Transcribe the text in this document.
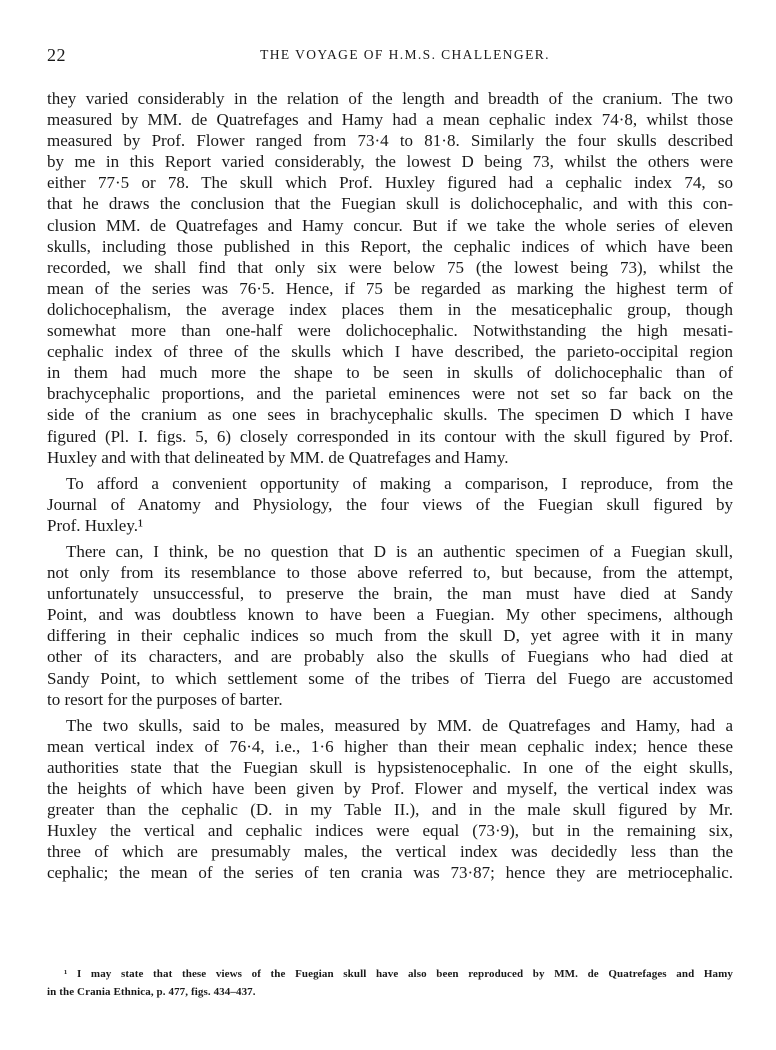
22	THE VOYAGE OF H.M.S. CHALLENGER.
they varied considerably in the relation of the length and breadth of the cranium. The two
measured by MM. de Quatrefages and Hamy had a mean cephalic index 74·8, whilst those
measured by Prof. Flower ranged from 73·4 to 81·8. Similarly the four skulls described
by me in this Report varied considerably, the lowest D being 73, whilst the others were
either 77·5 or 78. The skull which Prof. Huxley figured had a cephalic index 74, so
that he draws the conclusion that the Fuegian skull is dolichocephalic, and with this con-
clusion MM. de Quatrefages and Hamy concur. But if we take the whole series of eleven
skulls, including those published in this Report, the cephalic indices of which have been
recorded, we shall find that only six were below 75 (the lowest being 73), whilst the
mean of the series was 76·5. Hence, if 75 be regarded as marking the highest term of
dolichocephalism, the average index places them in the mesaticephalic group, though
somewhat more than one-half were dolichocephalic. Notwithstanding the high mesati-
cephalic index of three of the skulls which I have described, the parieto-occipital region
in them had much more the shape to be seen in skulls of dolichocephalic than of
brachycephalic proportions, and the parietal eminences were not set so far back on the
side of the cranium as one sees in brachycephalic skulls. The specimen D which I have
figured (Pl. I. figs. 5, 6) closely corresponded in its contour with the skull figured by Prof.
Huxley and with that delineated by MM. de Quatrefages and Hamy.
To afford a convenient opportunity of making a comparison, I reproduce, from the
Journal of Anatomy and Physiology, the four views of the Fuegian skull figured by
Prof. Huxley.¹
There can, I think, be no question that D is an authentic specimen of a Fuegian skull,
not only from its resemblance to those above referred to, but because, from the attempt,
unfortunately unsuccessful, to preserve the brain, the man must have died at Sandy
Point, and was doubtless known to have been a Fuegian. My other specimens, although
differing in their cephalic indices so much from the skull D, yet agree with it in many
other of its characters, and are probably also the skulls of Fuegians who had died at
Sandy Point, to which settlement some of the tribes of Tierra del Fuego are accustomed
to resort for the purposes of barter.
The two skulls, said to be males, measured by MM. de Quatrefages and Hamy, had a
mean vertical index of 76·4, i.e., 1·6 higher than their mean cephalic index; hence these
authorities state that the Fuegian skull is hypsistenocephalic. In one of the eight skulls,
the heights of which have been given by Prof. Flower and myself, the vertical index was
greater than the cephalic (D. in my Table II.), and in the male skull figured by Mr.
Huxley the vertical and cephalic indices were equal (73·9), but in the remaining six,
three of which are presumably males, the vertical index was decidedly less than the
cephalic; the mean of the series of ten crania was 73·87; hence they are metriocephalic.
¹ I may state that these views of the Fuegian skull have also been reproduced by MM. de Quatrefages and Hamy
in the Crania Ethnica, p. 477, figs. 434–437.
